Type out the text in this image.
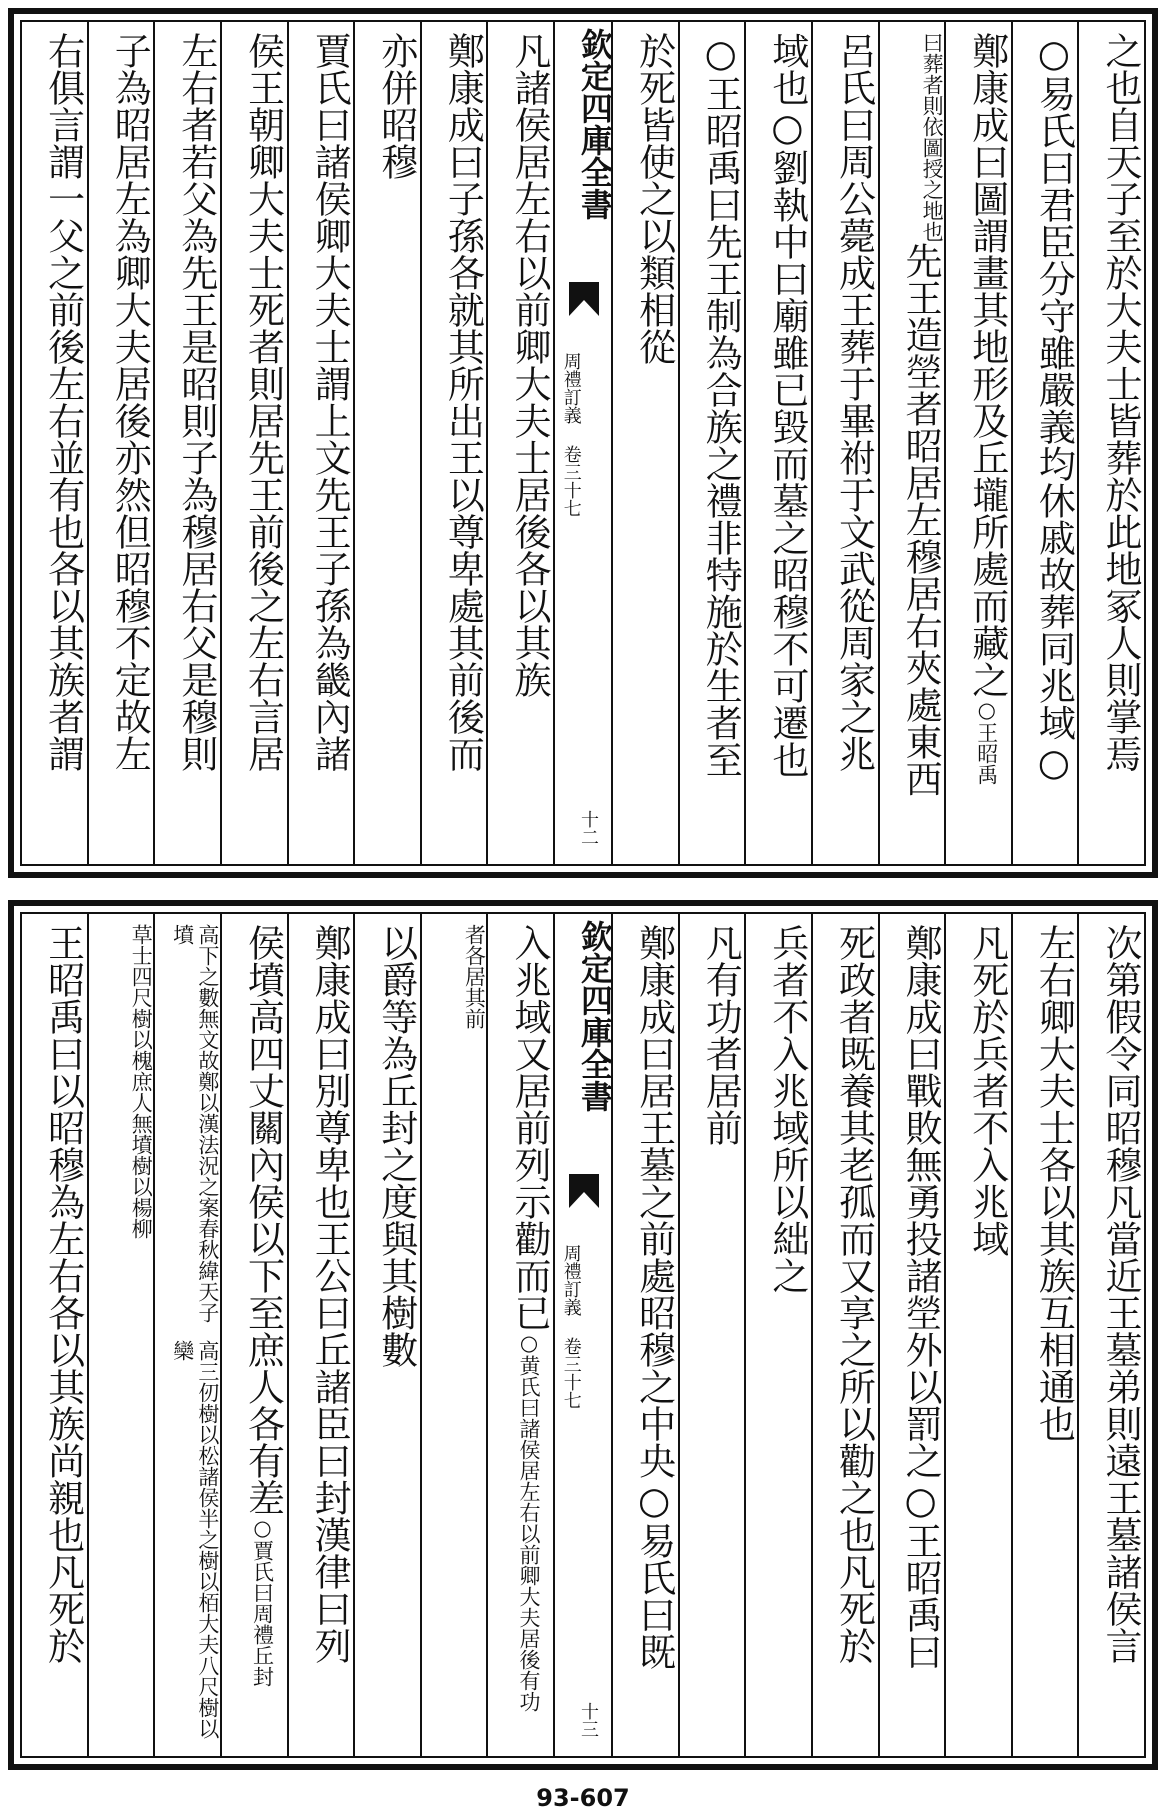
之也自天子至於大夫士皆葬於此地冢人則掌焉
○易氏曰君臣分守雖嚴義均休戚故葬同兆域○
鄭康成曰圖謂畫其地形及丘壠所處而藏之○王昭禹
曰葬者則依
圖授之地也
先王造塋者昭居左穆居右夾處東西
呂氏曰周公薨成王葬于畢祔于文武從周家之兆
域也○劉執中曰廟雖已毀而墓之昭穆不可遷也
○王昭禹曰先王制為合族之禮非特施於生者至
於死皆使之以類相從
欽定四庫全書
周禮訂義 卷三十七
十二
凡諸侯居左右以前卿大夫士居後各以其族
鄭康成曰子孫各就其所出王以尊卑處其前後而
亦併昭穆
賈氏曰諸侯卿大夫士謂上文先王子孫為畿內諸
侯王朝卿大夫士死者則居先王前後之左右言居
左右者若父為先王是昭則子為穆居右父是穆則
子為昭居左為卿大夫居後亦然但昭穆不定故左
右俱言謂一父之前後左右並有也各以其族者謂
次第假令同昭穆凡當近王墓弟則遠王墓諸侯言
左右卿大夫士各以其族互相通也
凡死於兵者不入兆域
鄭康成曰戰敗無勇投諸塋外以罰之○王昭禹曰
死政者既養其老孤而又享之所以勸之也凡死於
兵者不入兆域所以絀之
凡有功者居前
鄭康成曰居王墓之前處昭穆之中央○易氏曰既
欽定四庫全書
周禮訂義 卷三十七
十三
入兆域又居前列示勸而已○黄氏曰諸侯居左右以前卿大夫居後有功
者各居
其前
以爵等為丘封之度與其樹數
鄭康成曰別尊卑也王公曰丘諸臣曰封漢律曰列
侯墳高四丈關內侯以下至庶人各有差○賈氏曰周禮丘封
高下之數無文故鄭以漢法況之案春秋緯天子墳
高三仞樹以松諸侯半之樹以栢大夫八尺樹以欒
草士四尺樹以槐庶
人無墳樹以楊柳
王昭禹曰以昭穆為左右各以其族尚親也凡死於
93-607
